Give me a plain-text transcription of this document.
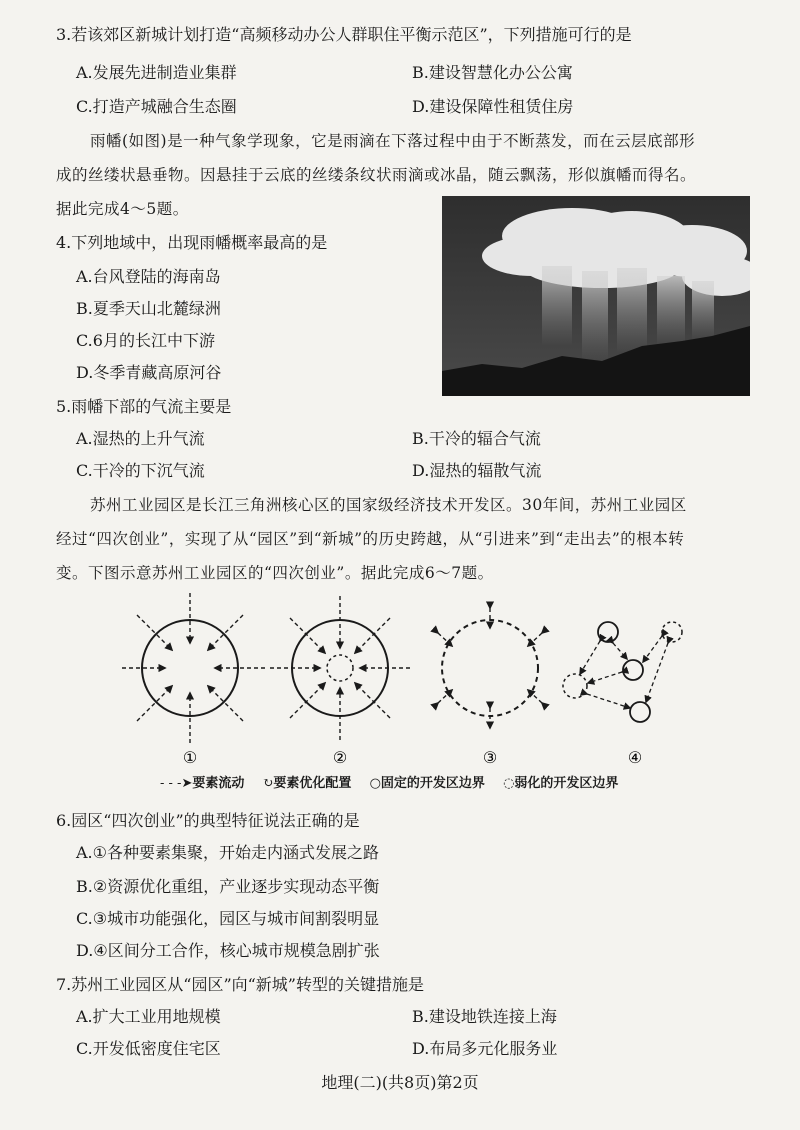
3.若该郊区新城计划打造“高频移动办公人群职住平衡示范区”，下列措施可行的是
A.发展先进制造业集群	B.建设智慧化办公公寓
C.打造产城融合生态圈	D.建设保障性租赁住房
雨幡(如图)是一种气象学现象，它是雨滴在下落过程中由于不断蒸发，而在云层底部形
成的丝缕状悬垂物。因悬挂于云底的丝缕条纹状雨滴或冰晶，随云飘荡，形似旗幡而得名。
据此完成4～5题。
4.下列地域中，出现雨幡概率最高的是
A.台风登陆的海南岛
B.夏季天山北麓绿洲
C.6月的长江中下游
D.冬季青藏高原河谷
5.雨幡下部的气流主要是
A.湿热的上升气流	B.干冷的辐合气流
C.干冷的下沉气流	D.湿热的辐散气流
苏州工业园区是长江三角洲核心区的国家级经济技术开发区。30年间，苏州工业园区
经过“四次创业”，实现了从“园区”到“新城”的历史跨越，从“引进来”到“走出去”的根本转
变。下图示意苏州工业园区的“四次创业”。据此完成6～7题。
①	②	③	④
- - -➤要素流动 ↻要素优化配置 ○固定的开发区边界 ◌弱化的开发区边界
6.园区“四次创业”的典型特征说法正确的是
A.①各种要素集聚，开始走内涵式发展之路
B.②资源优化重组，产业逐步实现动态平衡
C.③城市功能强化，园区与城市间割裂明显
D.④区间分工合作，核心城市规模急剧扩张
7.苏州工业园区从“园区”向“新城”转型的关键措施是
A.扩大工业用地规模	B.建设地铁连接上海
C.开发低密度住宅区	D.布局多元化服务业
地理(二)(共8页)第2页
